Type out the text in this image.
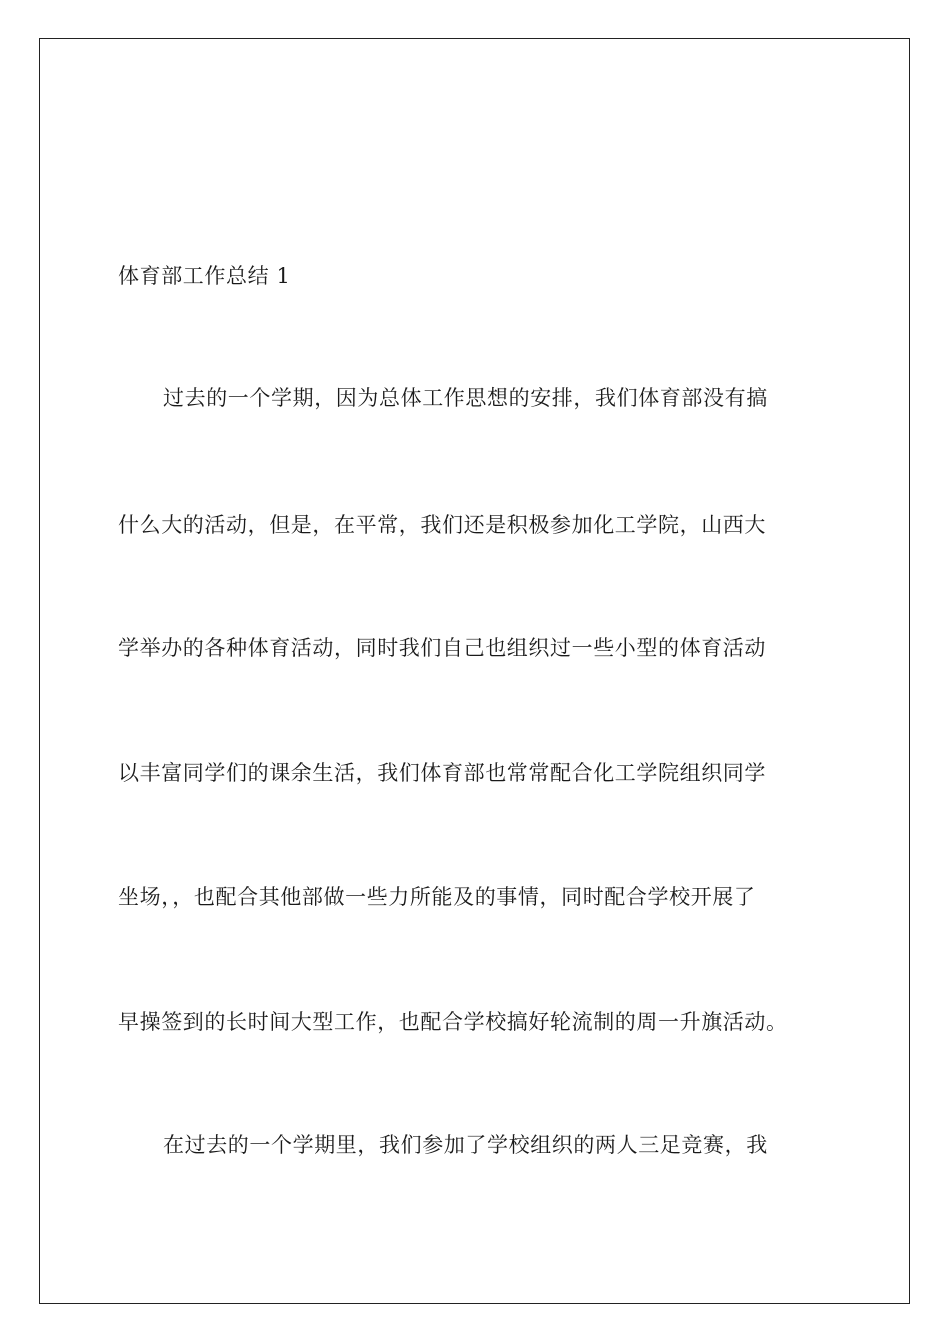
体育部工作总结 1
过去的一个学期，因为总体工作思想的安排，我们体育部没有搞
什么大的活动，但是，在平常，我们还是积极参加化工学院，山西大
学举办的各种体育活动，同时我们自己也组织过一些小型的体育活动
以丰富同学们的课余生活，我们体育部也常常配合化工学院组织同学
坐场，，也配合其他部做一些力所能及的事情，同时配合学校开展了
早操签到的长时间大型工作，也配合学校搞好轮流制的周一升旗活动。
在过去的一个学期里，我们参加了学校组织的两人三足竞赛，我
